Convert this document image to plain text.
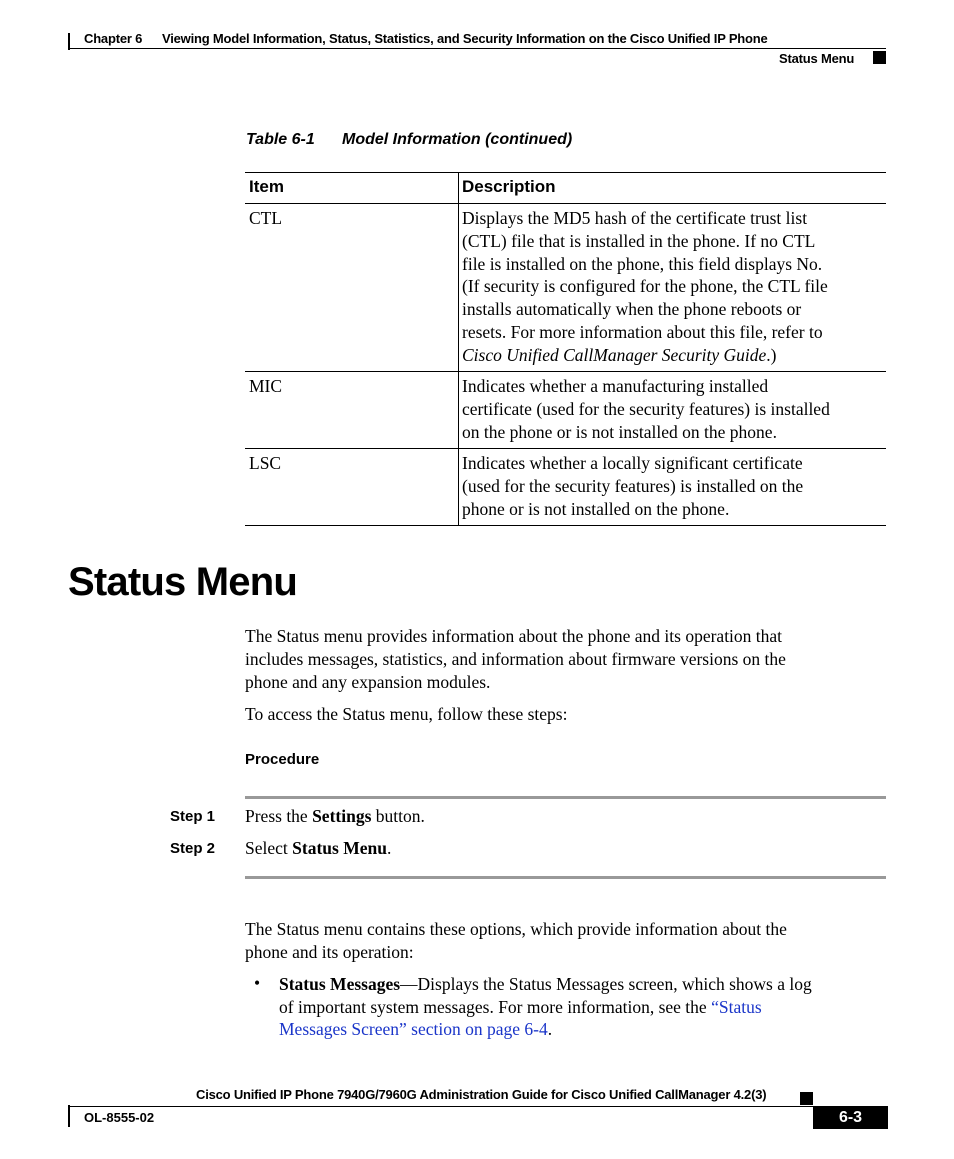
Chapter 6 Viewing Model Information, Status, Statistics, and Security Information on the Cisco Unified IP Phone
Status Menu
Table 6-1 Model Information (continued)
Item	Description
CTL	Displays the MD5 hash of the certificate trust list
(CTL) file that is installed in the phone. If no CTL
file is installed on the phone, this field displays No.
(If security is configured for the phone, the CTL file
installs automatically when the phone reboots or
resets. For more information about this file, refer to
Cisco Unified CallManager Security Guide.)
MIC	Indicates whether a manufacturing installed
certificate (used for the security features) is installed
on the phone or is not installed on the phone.
LSC	Indicates whether a locally significant certificate
(used for the security features) is installed on the
phone or is not installed on the phone.
Status Menu
The Status menu provides information about the phone and its operation that
includes messages, statistics, and information about firmware versions on the
phone and any expansion modules.
To access the Status menu, follow these steps:
Procedure
Step 1 Press the Settings button.
Step 2 Select Status Menu.
The Status menu contains these options, which provide information about the
phone and its operation:
• Status Messages—Displays the Status Messages screen, which shows a log
of important system messages. For more information, see the “Status
Messages Screen” section on page 6-4.
Cisco Unified IP Phone 7940G/7960G Administration Guide for Cisco Unified CallManager 4.2(3)
OL-8555-02	6-3
